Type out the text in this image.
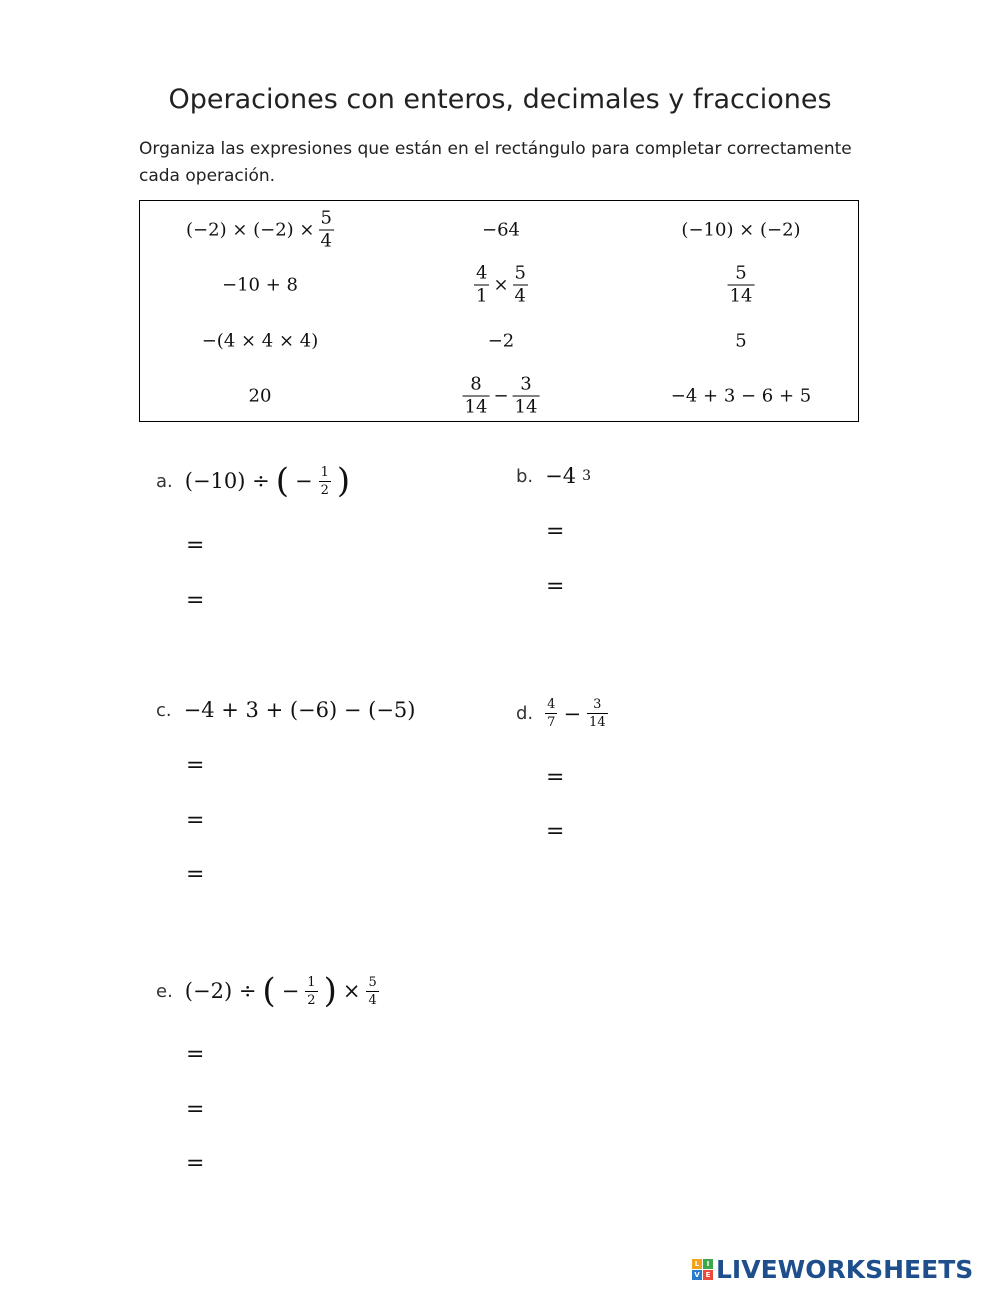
Operaciones con enteros, decimales y fracciones
Organiza las expresiones que están en el rectángulo para completar correctamente cada operación.
$(-2) \times (-2) \times \frac{5}{4}$	−64	(−10) × (−2)
−10 + 8	$\frac{4}{1} \times \frac{5}{4}$	$\frac{5}{14}$
−(4 × 4 × 4)	−2	5
20	$\frac{8}{14} - \frac{3}{14}$	−4 + 3 − 6 + 5
a. (−10) ÷ ( − $\frac{1}{2}$ )
=
=
b. −4 3
=
=
c. −4 + 3 + (−6) − (−5)
=
=
=
d. $\frac{4}{7} - \frac{3}{14}$
=
=
e. (−2) ÷ ( − $\frac{1}{2}$ ) × $\frac{5}{4}$
=
=
=
L	I
V E LIVEWORKSHEETS
